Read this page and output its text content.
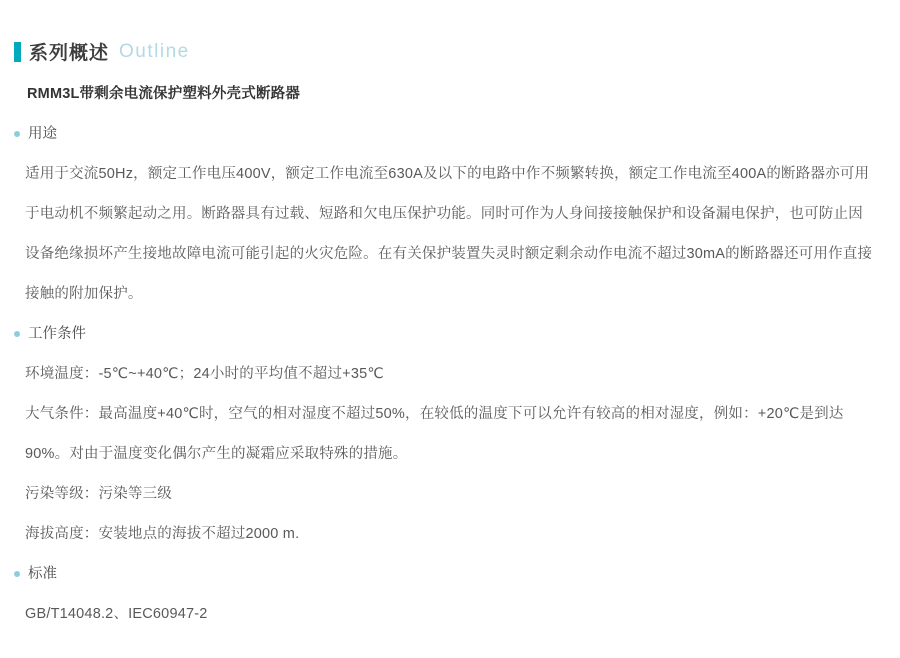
系列概述 Outline
RMM3L带剩余电流保护塑料外壳式断路器
用途
适用于交流50Hz，额定工作电压400V，额定工作电流至630A及以下的电路中作不频繁转换，额定工作电流至400A的断路器亦可用
于电动机不频繁起动之用。断路器具有过载、短路和欠电压保护功能。同时可作为人身间接接触保护和设备漏电保护，也可防止因
设备绝缘损坏产生接地故障电流可能引起的火灾危险。在有关保护装置失灵时额定剩余动作电流不超过30mA的断路器还可用作直接
接触的附加保护。
工作条件
环境温度：-5℃~+40℃；24小时的平均值不超过+35℃
大气条件：最高温度+40℃时，空气的相对湿度不超过50%，在较低的温度下可以允许有较高的相对湿度，例如：+20℃是到达
90%。对由于温度变化偶尔产生的凝霜应采取特殊的措施。
污染等级：污染等三级
海拔高度：安装地点的海拔不超过2000 m.
标准
GB/T14048.2、IEC60947-2
